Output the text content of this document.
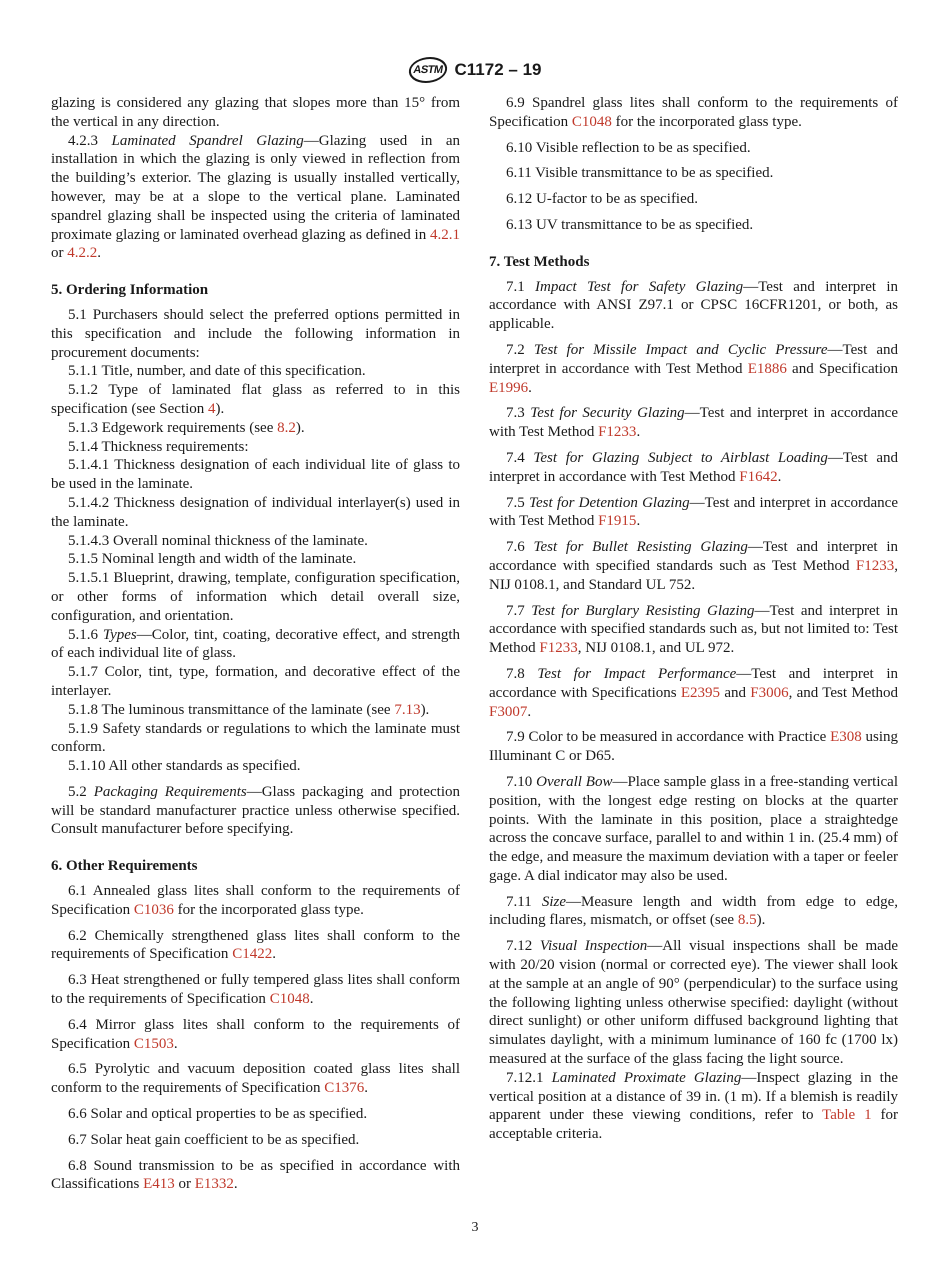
ASTM C1172 – 19

glazing is considered any glazing that slopes more than 15° from the vertical in any direction.

4.2.3 Laminated Spandrel Glazing—Glazing used in an installation in which the glazing is only viewed in reflection from the building’s exterior. The glazing is usually installed vertically, however, may be at a slope to the vertical plane. Laminated spandrel glazing shall be inspected using the criteria of laminated proximate glazing or laminated overhead glazing as defined in 4.2.1 or 4.2.2.

5. Ordering Information

5.1 Purchasers should select the preferred options permitted in this specification and include the following information in procurement documents:

5.1.1 Title, number, and date of this specification.

5.1.2 Type of laminated flat glass as referred to in this specification (see Section 4).

5.1.3 Edgework requirements (see 8.2).

5.1.4 Thickness requirements:

5.1.4.1 Thickness designation of each individual lite of glass to be used in the laminate.

5.1.4.2 Thickness designation of individual interlayer(s) used in the laminate.

5.1.4.3 Overall nominal thickness of the laminate.

5.1.5 Nominal length and width of the laminate.

5.1.5.1 Blueprint, drawing, template, configuration specification, or other forms of information which detail overall size, configuration, and orientation.

5.1.6 Types—Color, tint, coating, decorative effect, and strength of each individual lite of glass.

5.1.7 Color, tint, type, formation, and decorative effect of the interlayer.

5.1.8 The luminous transmittance of the laminate (see 7.13).

5.1.9 Safety standards or regulations to which the laminate must conform.

5.1.10 All other standards as specified.

5.2 Packaging Requirements—Glass packaging and protection will be standard manufacturer practice unless otherwise specified. Consult manufacturer before specifying.

6. Other Requirements

6.1 Annealed glass lites shall conform to the requirements of Specification C1036 for the incorporated glass type.

6.2 Chemically strengthened glass lites shall conform to the requirements of Specification C1422.

6.3 Heat strengthened or fully tempered glass lites shall conform to the requirements of Specification C1048.

6.4 Mirror glass lites shall conform to the requirements of Specification C1503.

6.5 Pyrolytic and vacuum deposition coated glass lites shall conform to the requirements of Specification C1376.

6.6 Solar and optical properties to be as specified.

6.7 Solar heat gain coefficient to be as specified.

6.8 Sound transmission to be as specified in accordance with Classifications E413 or E1332.

6.9 Spandrel glass lites shall conform to the requirements of Specification C1048 for the incorporated glass type.

6.10 Visible reflection to be as specified.

6.11 Visible transmittance to be as specified.

6.12 U-factor to be as specified.

6.13 UV transmittance to be as specified.

7. Test Methods

7.1 Impact Test for Safety Glazing—Test and interpret in accordance with ANSI Z97.1 or CPSC 16CFR1201, or both, as applicable.

7.2 Test for Missile Impact and Cyclic Pressure—Test and interpret in accordance with Test Method E1886 and Specification E1996.

7.3 Test for Security Glazing—Test and interpret in accordance with Test Method F1233.

7.4 Test for Glazing Subject to Airblast Loading—Test and interpret in accordance with Test Method F1642.

7.5 Test for Detention Glazing—Test and interpret in accordance with Test Method F1915.

7.6 Test for Bullet Resisting Glazing—Test and interpret in accordance with specified standards such as Test Method F1233, NIJ 0108.1, and Standard UL 752.

7.7 Test for Burglary Resisting Glazing—Test and interpret in accordance with specified standards such as, but not limited to: Test Method F1233, NIJ 0108.1, and UL 972.

7.8 Test for Impact Performance—Test and interpret in accordance with Specifications E2395 and F3006, and Test Method F3007.

7.9 Color to be measured in accordance with Practice E308 using Illuminant C or D65.

7.10 Overall Bow—Place sample glass in a free-standing vertical position, with the longest edge resting on blocks at the quarter points. With the laminate in this position, place a straightedge across the concave surface, parallel to and within 1 in. (25.4 mm) of the edge, and measure the maximum deviation with a taper or feeler gage. A dial indicator may also be used.

7.11 Size—Measure length and width from edge to edge, including flares, mismatch, or offset (see 8.5).

7.12 Visual Inspection—All visual inspections shall be made with 20/20 vision (normal or corrected eye). The viewer shall look at the sample at an angle of 90° (perpendicular) to the surface using the following lighting unless otherwise specified: daylight (without direct sunlight) or other uniform diffused background lighting that simulates daylight, with a minimum luminance of 160 fc (1700 lx) measured at the surface of the glass facing the light source.

7.12.1 Laminated Proximate Glazing—Inspect glazing in the vertical position at a distance of 39 in. (1 m). If a blemish is readily apparent under these viewing conditions, refer to Table 1 for acceptable criteria.

3
